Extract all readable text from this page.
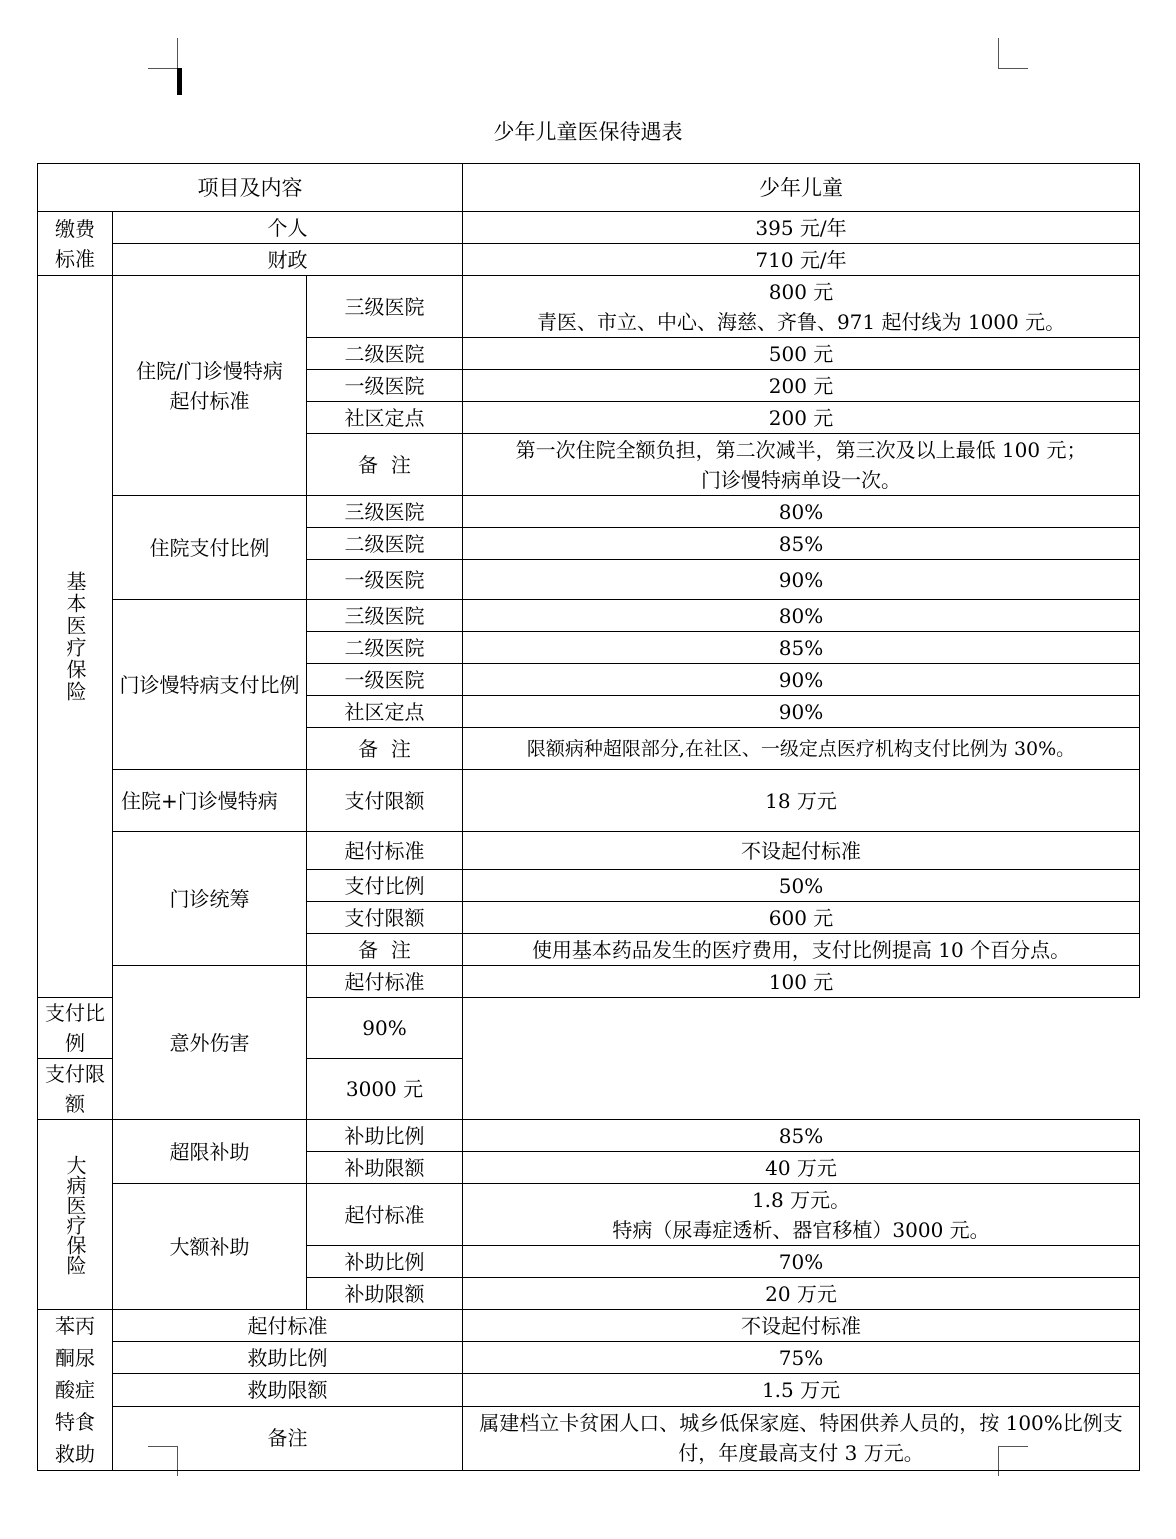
少年儿童医保待遇表
项目及内容			少年儿童

缴费标准	个人		395 元/年
	财政		710 元/年

基本医疗保险	住院/门诊慢特病起付标准	三级医院	800 元
青医、市立、中心、海慈、齐鲁、971 起付线为 1000 元。
		二级医院	500 元
		一级医院	200 元
		社区定点	200 元
		备  注	第一次住院全额负担，第二次减半，第三次及以上最低 100 元；
门诊慢特病单设一次。
	住院支付比例	三级医院	80%
		二级医院	85%
		一级医院	90%

	门诊慢特病支付比例	三级医院	80%
		二级医院	85%
		一级医院	90%
		社区定点	90%
		备  注	限额病种超限部分,在社区、一级定点医疗机构支付比例为 30%。
	住院+门诊慢特病	支付限额	18 万元
	门诊统筹	起付标准	不设起付标准
		支付比例	50%
		支付限额	600 元
		备  注	使用基本药品发生的医疗费用，支付比例提高 10 个百分点。
	意外伤害	起付标准	100 元
支付比例		90%	
支付限额		3000 元	

大病医疗保险	超限补助	补助比例	85%
		补助限额	40 万元
	大额补助	起付标准	1.8 万元。
特病（尿毒症透析、器官移植）3000 元。
		补助比例	70%
		补助限额	20 万元

苯丙酮尿酸症特食救助	起付标准		不设起付标准
	救助比例		75%
	救助限额		1.5 万元
	备注		属建档立卡贫困人口、城乡低保家庭、特困供养人员的，按 100%比例支付，年度最高支付 3 万元。
